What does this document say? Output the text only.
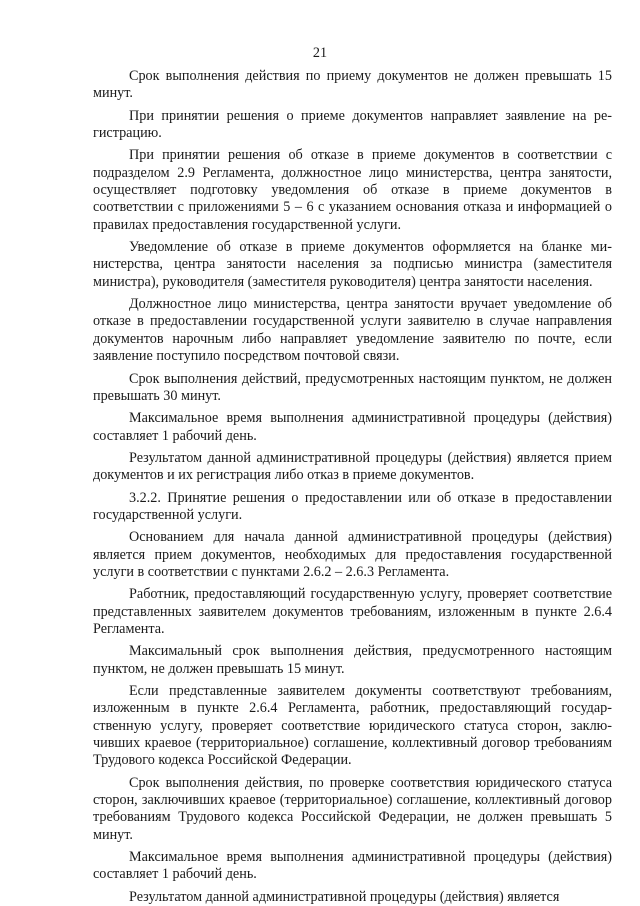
21

Срок выполнения действия по приему документов не должен превышать 15 минут.

При принятии решения о приеме документов направляет заявление на регистрацию.

При принятии решения об отказе в приеме документов в соответствии с подразделом 2.9 Регламента, должностное лицо министерства, центра занятости, осуществляет подготовку уведомления об отказе в приеме документов в соответствии с приложениями 5 – 6 с указанием основания отказа и информацией о правилах предоставления государственной услуги.

Уведомление об отказе в приеме документов оформляется на бланке министерства, центра занятости населения за подписью министра (заместителя министра), руководителя (заместителя руководителя) центра занятости населения.

Должностное лицо министерства, центра занятости вручает уведомление об отказе в предоставлении государственной услуги заявителю в случае направления документов нарочным либо направляет уведомление заявителю по почте, если заявление поступило посредством почтовой связи.

Срок выполнения действий, предусмотренных настоящим пунктом, не должен превышать 30 минут.

Максимальное время выполнения административной процедуры (действия) составляет 1 рабочий день.

Результатом данной административной процедуры (действия) является прием документов и их регистрация либо отказ в приеме документов.

3.2.2. Принятие решения о предоставлении или об отказе в предоставлении государственной услуги.

Основанием для начала данной административной процедуры (действия) является прием документов, необходимых для предоставления государственной услуги в соответствии с пунктами 2.6.2 – 2.6.3 Регламента.

Работник, предоставляющий государственную услугу, проверяет соответствие представленных заявителем документов требованиям, изложенным в пункте 2.6.4 Регламента.

Максимальный срок выполнения действия, предусмотренного настоящим пунктом, не должен превышать 15 минут.

Если представленные заявителем документы соответствуют требованиям, изложенным в пункте 2.6.4 Регламента, работник, предоставляющий государственную услугу, проверяет соответствие юридического статуса сторон, заключивших краевое (территориальное) соглашение, коллективный договор требованиям Трудового кодекса Российской Федерации.

Срок выполнения действия, по проверке соответствия юридического статуса сторон, заключивших краевое (территориальное) соглашение, коллективный договор требованиям Трудового кодекса Российской Федерации, не должен превышать 5 минут.

Максимальное время выполнения административной процедуры (действия) составляет 1 рабочий день.

Результатом данной административной процедуры (действия) является
